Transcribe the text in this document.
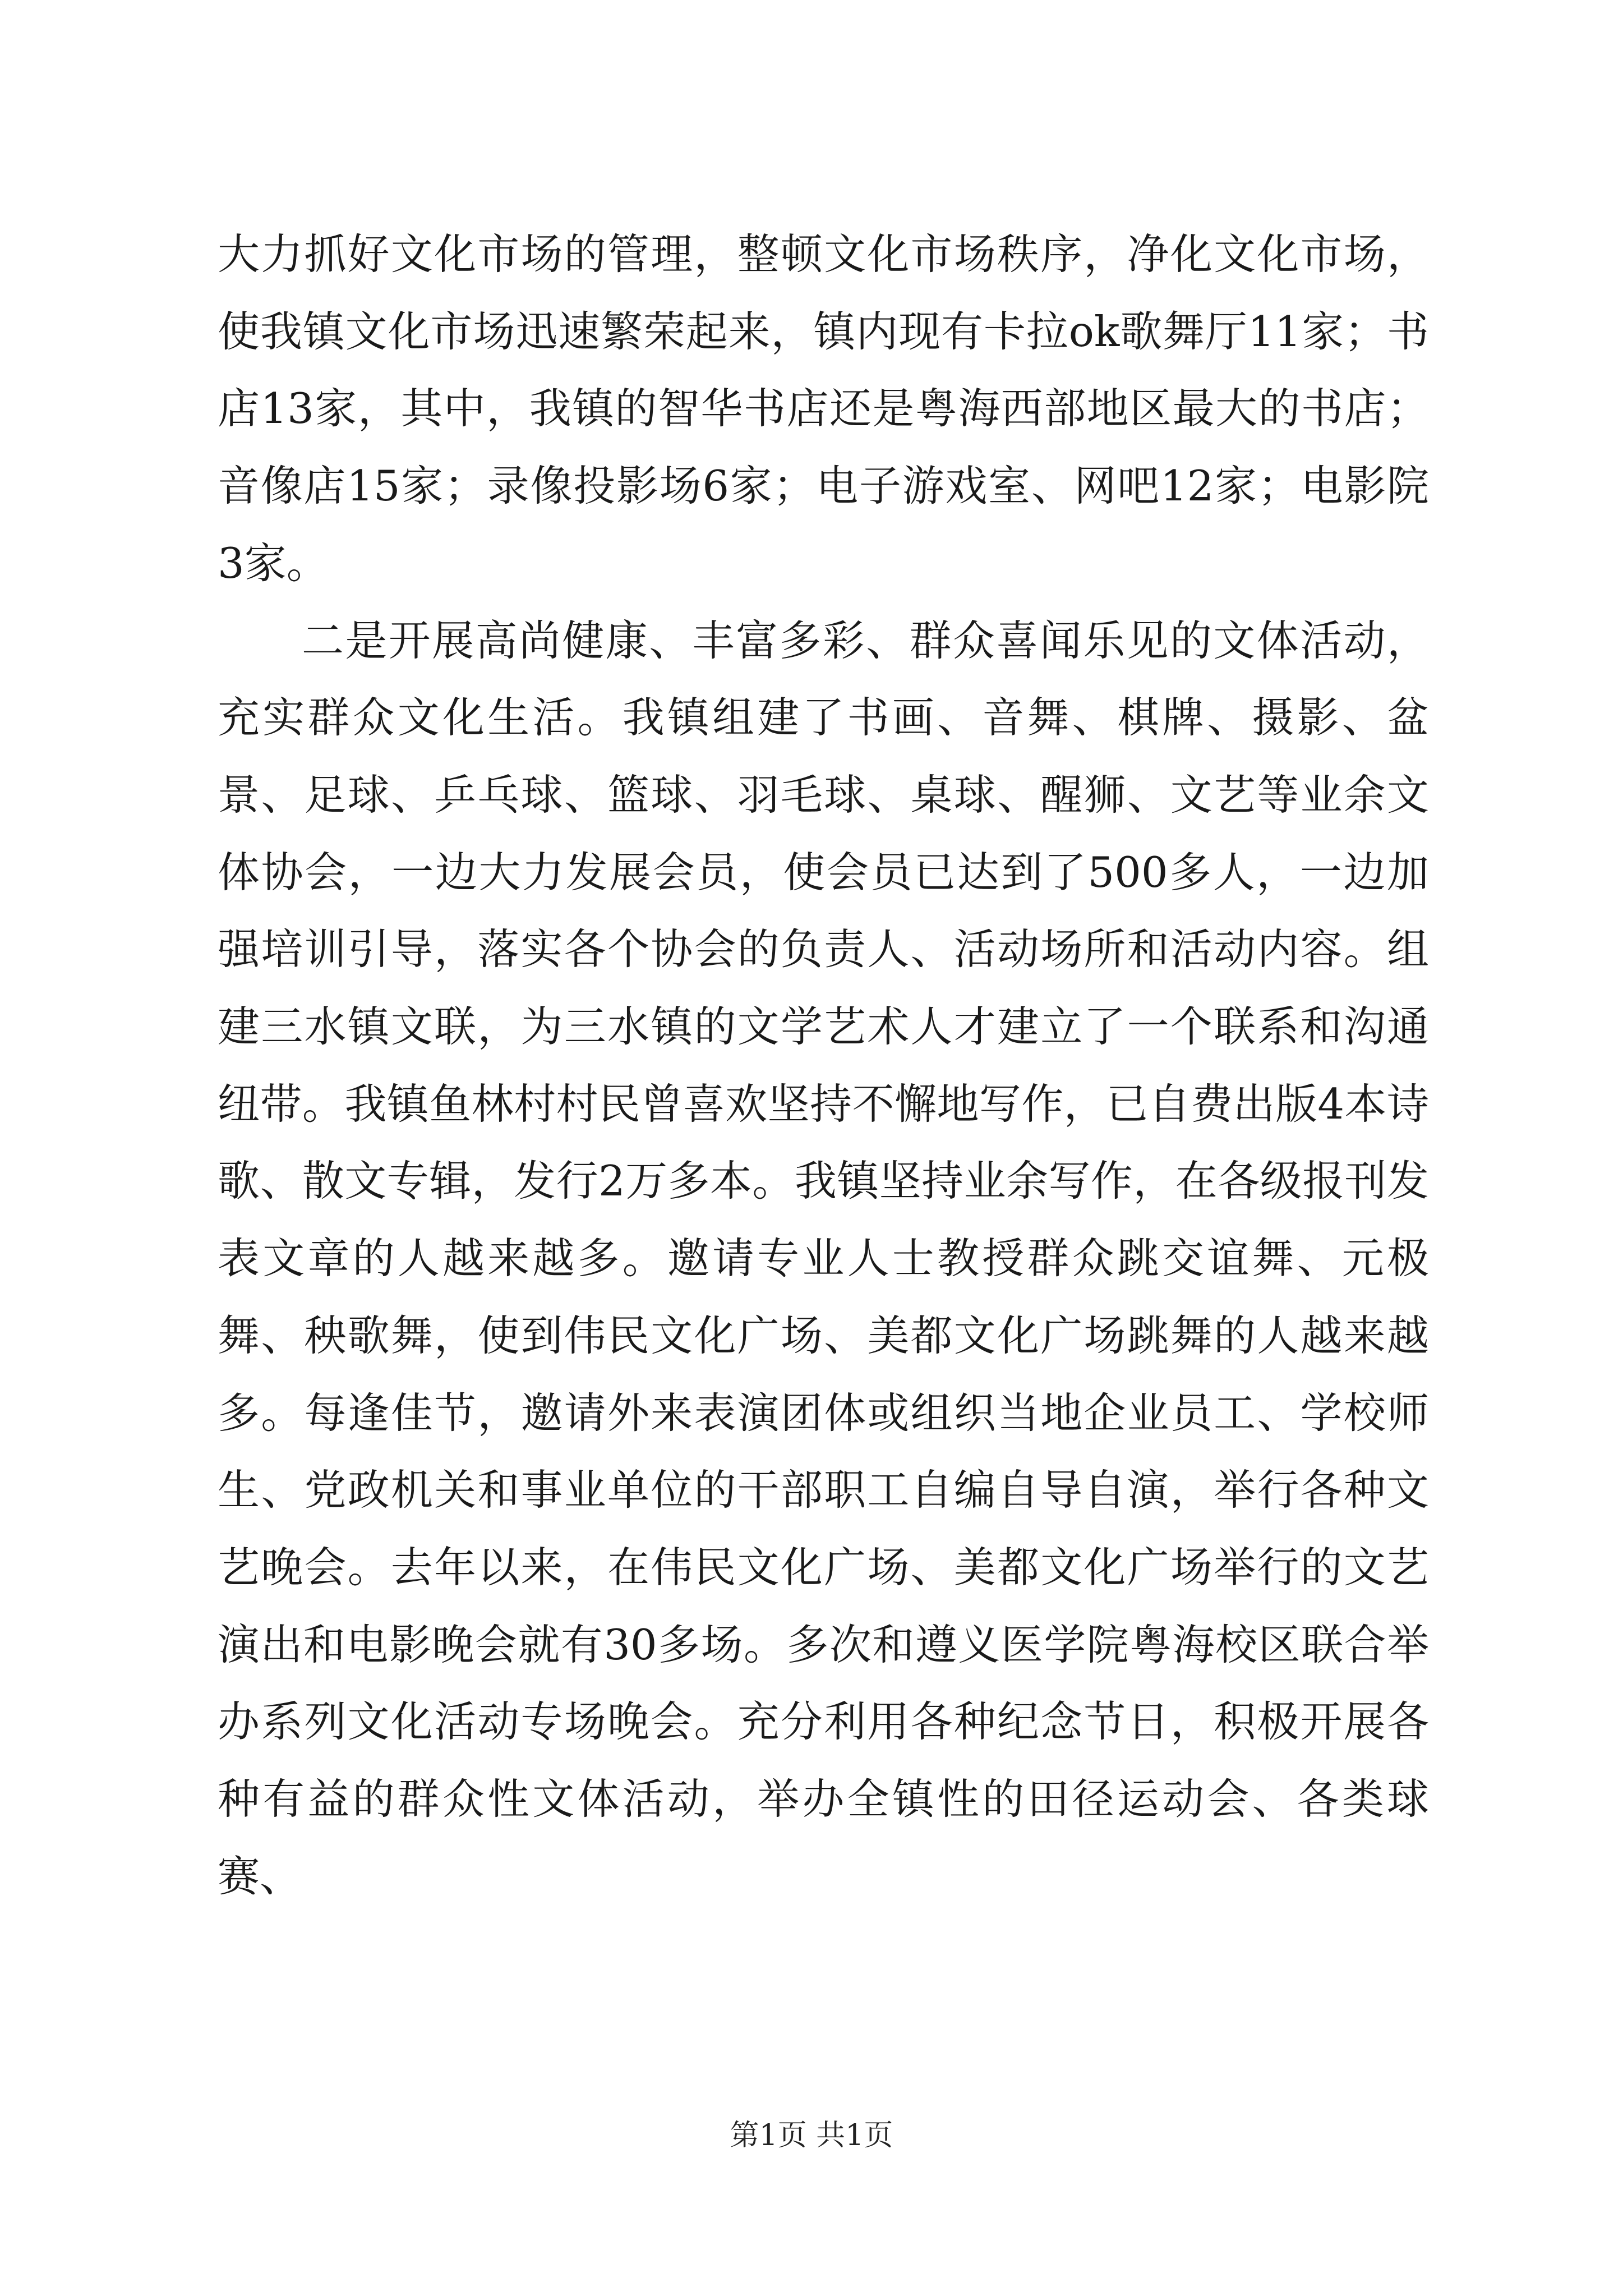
大力抓好文化市场的管理，整顿文化市场秩序，净化文化市场，使我镇文化市场迅速繁荣起来，镇内现有卡拉ok歌舞厅11家；书店13家，其中，我镇的智华书店还是粤海西部地区最大的书店；音像店15家；录像投影场6家；电子游戏室、网吧12家；电影院3家。

二是开展高尚健康、丰富多彩、群众喜闻乐见的文体活动，充实群众文化生活。我镇组建了书画、音舞、棋牌、摄影、盆景、足球、乒乓球、篮球、羽毛球、桌球、醒狮、文艺等业余文体协会，一边大力发展会员，使会员已达到了500多人，一边加强培训引导，落实各个协会的负责人、活动场所和活动内容。组建三水镇文联，为三水镇的文学艺术人才建立了一个联系和沟通纽带。我镇鱼林村村民曾喜欢坚持不懈地写作，已自费出版4本诗歌、散文专辑，发行2万多本。我镇坚持业余写作，在各级报刊发表文章的人越来越多。邀请专业人士教授群众跳交谊舞、元极舞、秧歌舞，使到伟民文化广场、美都文化广场跳舞的人越来越多。每逢佳节，邀请外来表演团体或组织当地企业员工、学校师生、党政机关和事业单位的干部职工自编自导自演，举行各种文艺晚会。去年以来，在伟民文化广场、美都文化广场举行的文艺演出和电影晚会就有30多场。多次和遵义医学院粤海校区联合举办系列文化活动专场晚会。充分利用各种纪念节日，积极开展各种有益的群众性文体活动，举办全镇性的田径运动会、各类球赛、

第1页 共1页
